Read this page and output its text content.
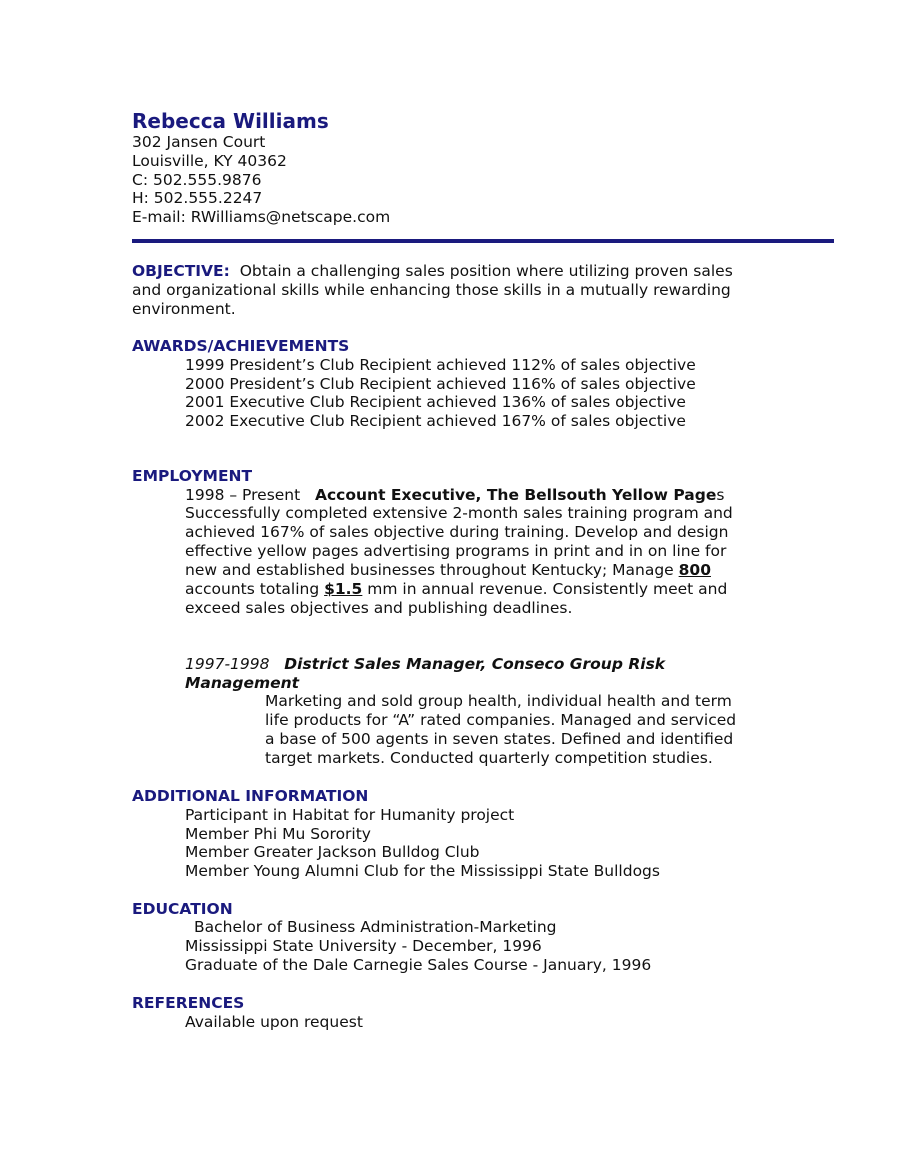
Rebecca Williams
302 Jansen Court
Louisville, KY 40362
C: 502.555.9876
H: 502.555.2247
E-mail: RWilliams@netscape.com
OBJECTIVE: Obtain a challenging sales position where utilizing proven sales
and organizational skills while enhancing those skills in a mutually rewarding
environment.
AWARDS/ACHIEVEMENTS
1999 President’s Club Recipient achieved 112% of sales objective
2000 President’s Club Recipient achieved 116% of sales objective
2001 Executive Club Recipient achieved 136% of sales objective
2002 Executive Club Recipient achieved 167% of sales objective
EMPLOYMENT
1998 – Present Account Executive, The Bellsouth Yellow Pages
Successfully completed extensive 2-month sales training program and
achieved 167% of sales objective during training. Develop and design
effective yellow pages advertising programs in print and in on line for
new and established businesses throughout Kentucky; Manage 800
accounts totaling $1.5 mm in annual revenue. Consistently meet and
exceed sales objectives and publishing deadlines.
1997-1998 District Sales Manager, Conseco Group Risk
Management
Marketing and sold group health, individual health and term
life products for “A” rated companies. Managed and serviced
a base of 500 agents in seven states. Defined and identified
target markets. Conducted quarterly competition studies.
ADDITIONAL INFORMATION
Participant in Habitat for Humanity project
Member Phi Mu Sorority
Member Greater Jackson Bulldog Club
Member Young Alumni Club for the Mississippi State Bulldogs
EDUCATION
Bachelor of Business Administration-Marketing
Mississippi State University - December, 1996
Graduate of the Dale Carnegie Sales Course - January, 1996
REFERENCES
Available upon request
